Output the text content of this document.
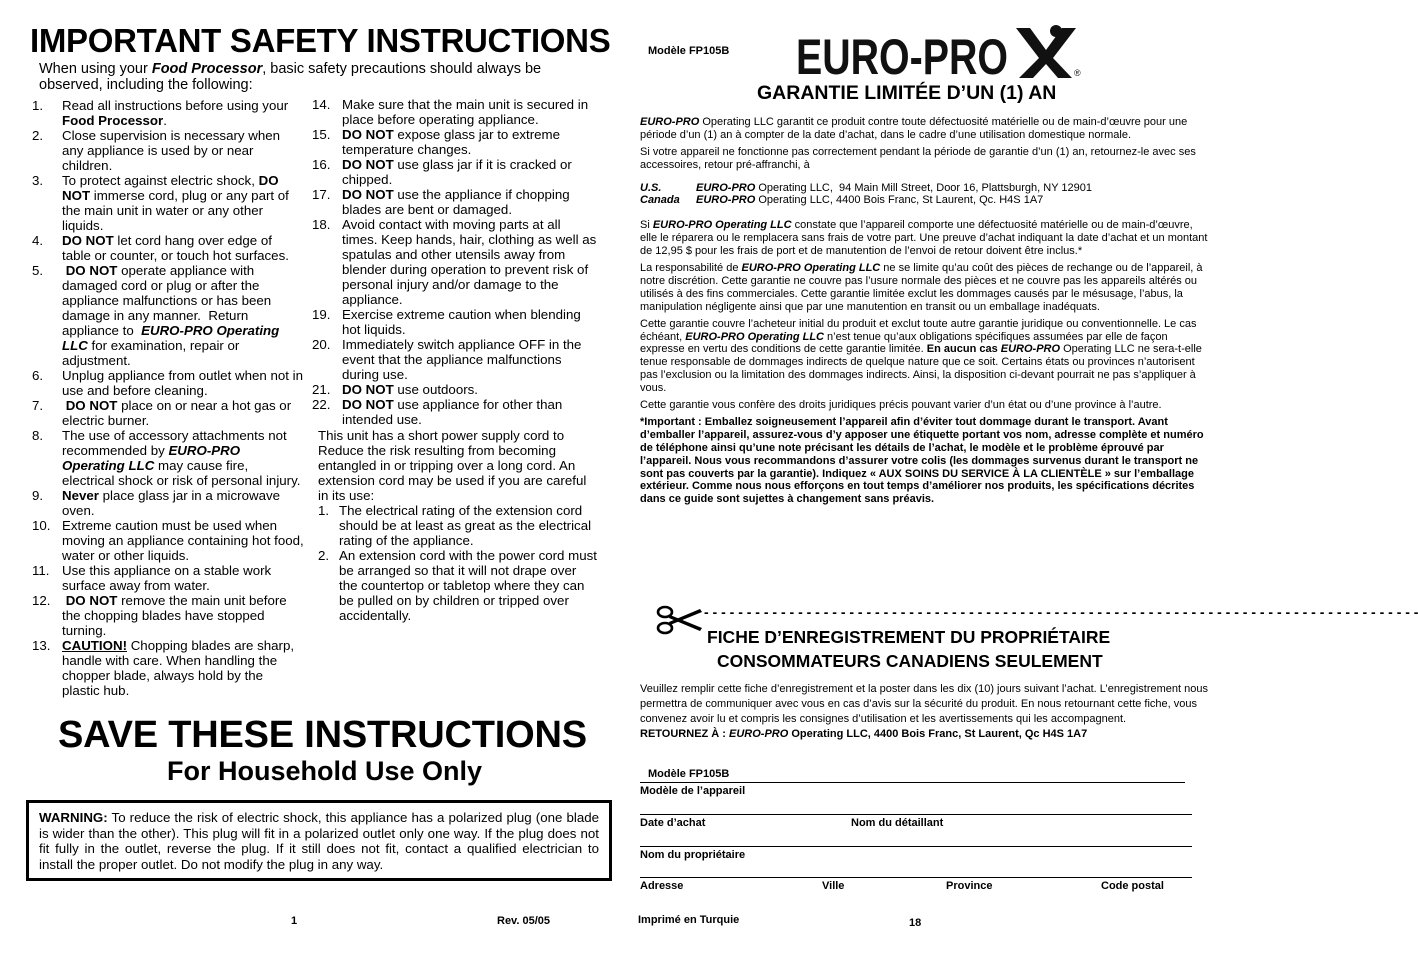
IMPORTANT SAFETY INSTRUCTIONS
When using your Food Processor, basic safety precautions should always be observed, including the following:
1.	Read all instructions before using your Food Processor.
2.	Close supervision is necessary when any appliance is used by or near children.
3.	To protect against electric shock, DO NOT immerse cord, plug or any part of the main unit in water or any other liquids.
4.	DO NOT let cord hang over edge of table or counter, or touch hot surfaces.
5.	DO NOT operate appliance with damaged cord or plug or after the appliance malfunctions or has been damage in any manner.  Return appliance to  EURO-PRO Operating LLC for examination, repair or adjustment.
6.	Unplug appliance from outlet when not in use and before cleaning.
7.	DO NOT place on or near a hot gas or electric burner.
8.	The use of accessory attachments not recommended by EURO-PRO Operating LLC may cause fire, electrical shock or risk of personal injury.
9.	Never place glass jar in a microwave oven.
10. Extreme caution must be used when moving an appliance containing hot food, water or other liquids.
11. Use this appliance on a stable work surface away from water.
12.	DO NOT remove the main unit before the chopping blades have stopped turning.
13. CAUTION! Chopping blades are sharp, handle with care. When handling the chopper blade, always hold by the plastic hub.
14. Make sure that the main unit is secured in place before operating appliance.
15. DO NOT expose glass jar to extreme temperature changes.
16. DO NOT use glass jar if it is cracked or chipped.
17. DO NOT use the appliance if chopping blades are bent or damaged.
18. Avoid contact with moving parts at all times. Keep hands, hair, clothing as well as spatulas and other utensils away from blender during operation to prevent risk of personal injury and/or damage to the appliance.
19. Exercise extreme caution when blending hot liquids.
20. Immediately switch appliance OFF in the event that the appliance malfunctions during use.
21. DO NOT use outdoors.
22. DO NOT use appliance for other than intended use.
This unit has a short power supply cord to Reduce the risk resulting from becoming entangled in or tripping over a long cord. An extension cord may be used if you are careful in its use:
1. The electrical rating of the extension cord should be at least as great as the electrical rating of the appliance.
2. An extension cord with the power cord must be arranged so that it will not drape over the countertop or tabletop where they can be pulled on by children or tripped over accidentally.
SAVE THESE INSTRUCTIONS
For Household Use Only
WARNING: To reduce the risk of electric shock, this appliance has a polarized plug (one blade is wider than the other). This plug will fit in a polarized outlet only one way. If the plug does not fit fully in the outlet, reverse the plug. If it still does not fit, contact a qualified electrician to install the proper outlet. Do not modify the plug in any way.
1	Rev. 05/05
Modèle FP105B EURO-PRO	®
GARANTIE LIMITÉE D’UN (1) AN

EURO-PRO Operating LLC garantit ce produit contre toute défectuosité matérielle ou de main-d’œuvre pour une période d’un (1) an à compter de la date d’achat, dans le cadre d’une utilisation domestique normale.

Si votre appareil ne fonctionne pas correctement pendant la période de garantie d’un (1) an, retournez-le avec ses accessoires, retour pré-affranchi, à

U.S.	EURO-PRO Operating LLC,  94 Main Mill Street, Door 16, Plattsburgh, NY 12901
Canada	EURO-PRO Operating LLC, 4400 Bois Franc, St Laurent, Qc. H4S 1A7

Si EURO-PRO Operating LLC constate que l’appareil comporte une défectuosité matérielle ou de main-d’œuvre, elle le réparera ou le remplacera sans frais de votre part. Une preuve d’achat indiquant la date d’achat et un montant de 12,95 $ pour les frais de port et de manutention de l’envoi de retour doivent être inclus.*

La responsabilité de EURO-PRO Operating LLC ne se limite qu’au coût des pièces de rechange ou de l’appareil, à notre discrétion. Cette garantie ne couvre pas l’usure normale des pièces et ne couvre pas les appareils altérés ou utilisés à des fins commerciales. Cette garantie limitée exclut les dommages causés par le mésusage, l’abus, la manipulation négligente ainsi que par une manutention en transit ou un emballage inadéquats.

Cette garantie couvre l’acheteur initial du produit et exclut toute autre garantie juridique ou conventionnelle. Le cas échéant, EURO-PRO Operating LLC n’est tenue qu’aux obligations spécifiques assumées par elle de façon expresse en vertu des conditions de cette garantie limitée. En aucun cas EURO-PRO Operating LLC ne sera-t-elle tenue responsable de dommages indirects de quelque nature que ce soit. Certains états ou provinces n’autorisent pas l’exclusion ou la limitation des dommages indirects. Ainsi, la disposition ci-devant pourrait ne pas s’appliquer à vous.

Cette garantie vous confère des droits juridiques précis pouvant varier d’un état ou d’une province à l’autre.

*Important : Emballez soigneusement l’appareil afin d’éviter tout dommage durant le transport. Avant d’emballer l’appareil, assurez-vous d’y apposer une étiquette portant vos nom, adresse complète et numéro de téléphone ainsi qu’une note précisant les détails de l’achat, le modèle et le problème éprouvé par l’appareil. Nous vous recommandons d’assurer votre colis (les dommages survenus durant le transport ne sont pas couverts par la garantie). Indiquez « AUX SOINS DU SERVICE À LA CLIENTÈLE » sur l’emballage extérieur. Comme nous nous efforçons en tout temps d’améliorer nos produits, les spécifications décrites dans ce guide sont sujettes à changement sans préavis.

- - - - - - - - - - - - - - - - - - - - - - - - - - - - - - - - - - - - - - - - - - - - - - - - - - - - - - - - - - - - - - - - - - - - - - - - - - - - - - - - - - - -
FICHE D’ENREGISTREMENT DU PROPRIÉTAIRE
CONSOMMATEURS CANADIENS SEULEMENT
Veuillez remplir cette fiche d’enregistrement et la poster dans les dix (10) jours suivant l’achat. L’enregistrement nous permettra de communiquer avec vous en cas d’avis sur la sécurité du produit. En nous retournant cette fiche, vous convenez avoir lu et compris les consignes d’utilisation et les avertissements qui les accompagnent.
RETOURNEZ À : EURO-PRO Operating LLC, 4400 Bois Franc, St Laurent, Qc H4S 1A7
Modèle FP105B
Modèle de l’appareil
Date d’achat	Nom du détaillant
Nom du propriétaire
Adresse	Ville	Province	Code postal
Imprimé en Turquie	18
